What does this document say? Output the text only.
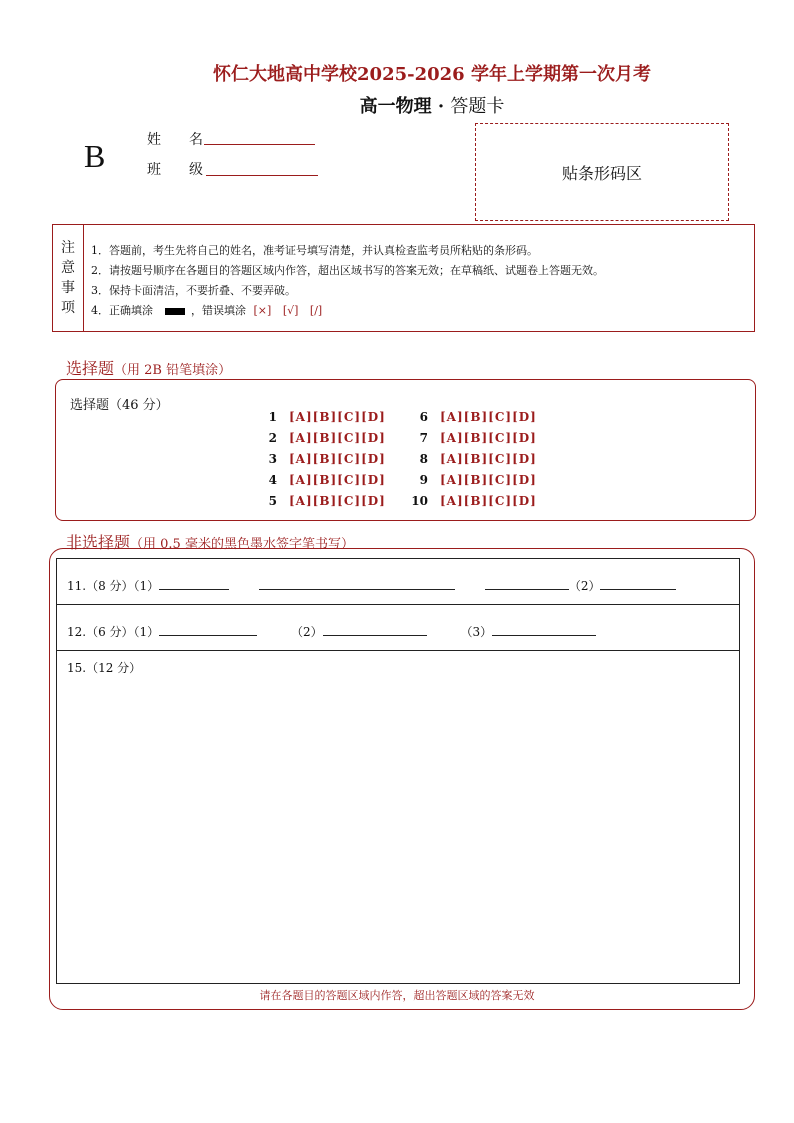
怀仁大地高中学校2025-2026 学年上学期第一次月考
高一物理 · 答题卡
B	姓　　名
班　　级	贴条形码区
注
意
事
项
1．答题前，考生先将自己的姓名，准考证号填写清楚，并认真检查监考员所粘贴的条形码。
2．请按题号顺序在各题目的答题区域内作答，超出区域书写的答案无效；在草稿纸、试题卷上答题无效。
3．保持卡面清洁，不要折叠、不要弄破。
4．正确填涂	，错误填涂 [×] [√] [/]
选择题（用 2B 铅笔填涂）
选择题（46 分）
1 [A][B][C][D]
2 [A][B][C][D]
3 [A][B][C][D]
4 [A][B][C][D]
5 [A][B][C][D]
6 [A][B][C][D]
7 [A][B][C][D]
8 [A][B][C][D]
9 [A][B][C][D]
10 [A][B][C][D]
非选择题（用 0.5 毫米的黑色墨水签字笔书写）
11.（8 分）（1）	（2）
12.（6 分）（1）	（2）	（3）
15.（12 分）
请在各题目的答题区域内作答，超出答题区域的答案无效
